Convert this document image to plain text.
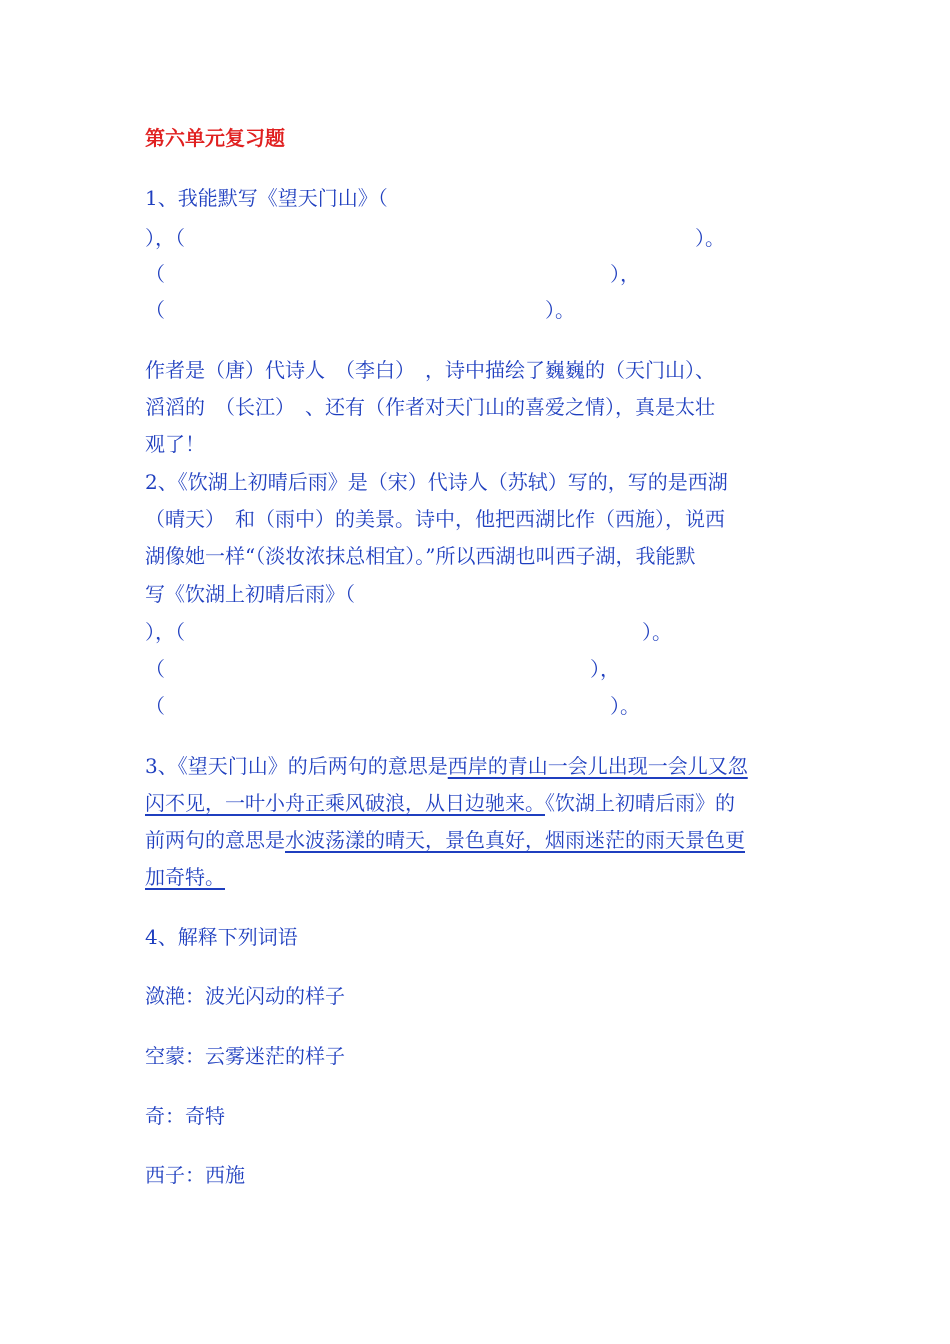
第六单元复习题
1、我能默写《望天门山》（
），（	）。
（	），
（	）。
作者是（唐）代诗人　（李白）　，诗中描绘了巍巍的（天门山）、
滔滔的　（长江）　、还有（作者对天门山的喜爱之情），真是太壮
观了！
2、《饮湖上初晴后雨》是（宋）代诗人（苏轼）写的，写的是西湖
（晴天）　和（雨中）的美景。诗中，他把西湖比作（西施），说西
湖像她一样“（淡妆浓抹总相宜）。”所以西湖也叫西子湖，我能默
写《饮湖上初晴后雨》（
），（	）。
（	），
（	）。
3、《望天门山》的后两句的意思是西岸的青山一会儿出现一会儿又忽
闪不见，一叶小舟正乘风破浪，从日边驰来。《饮湖上初晴后雨》的
前两句的意思是水波荡漾的晴天，景色真好，烟雨迷茫的雨天景色更
加奇特。
4、解释下列词语
潋滟：波光闪动的样子
空蒙：云雾迷茫的样子
奇：奇特
西子：西施
